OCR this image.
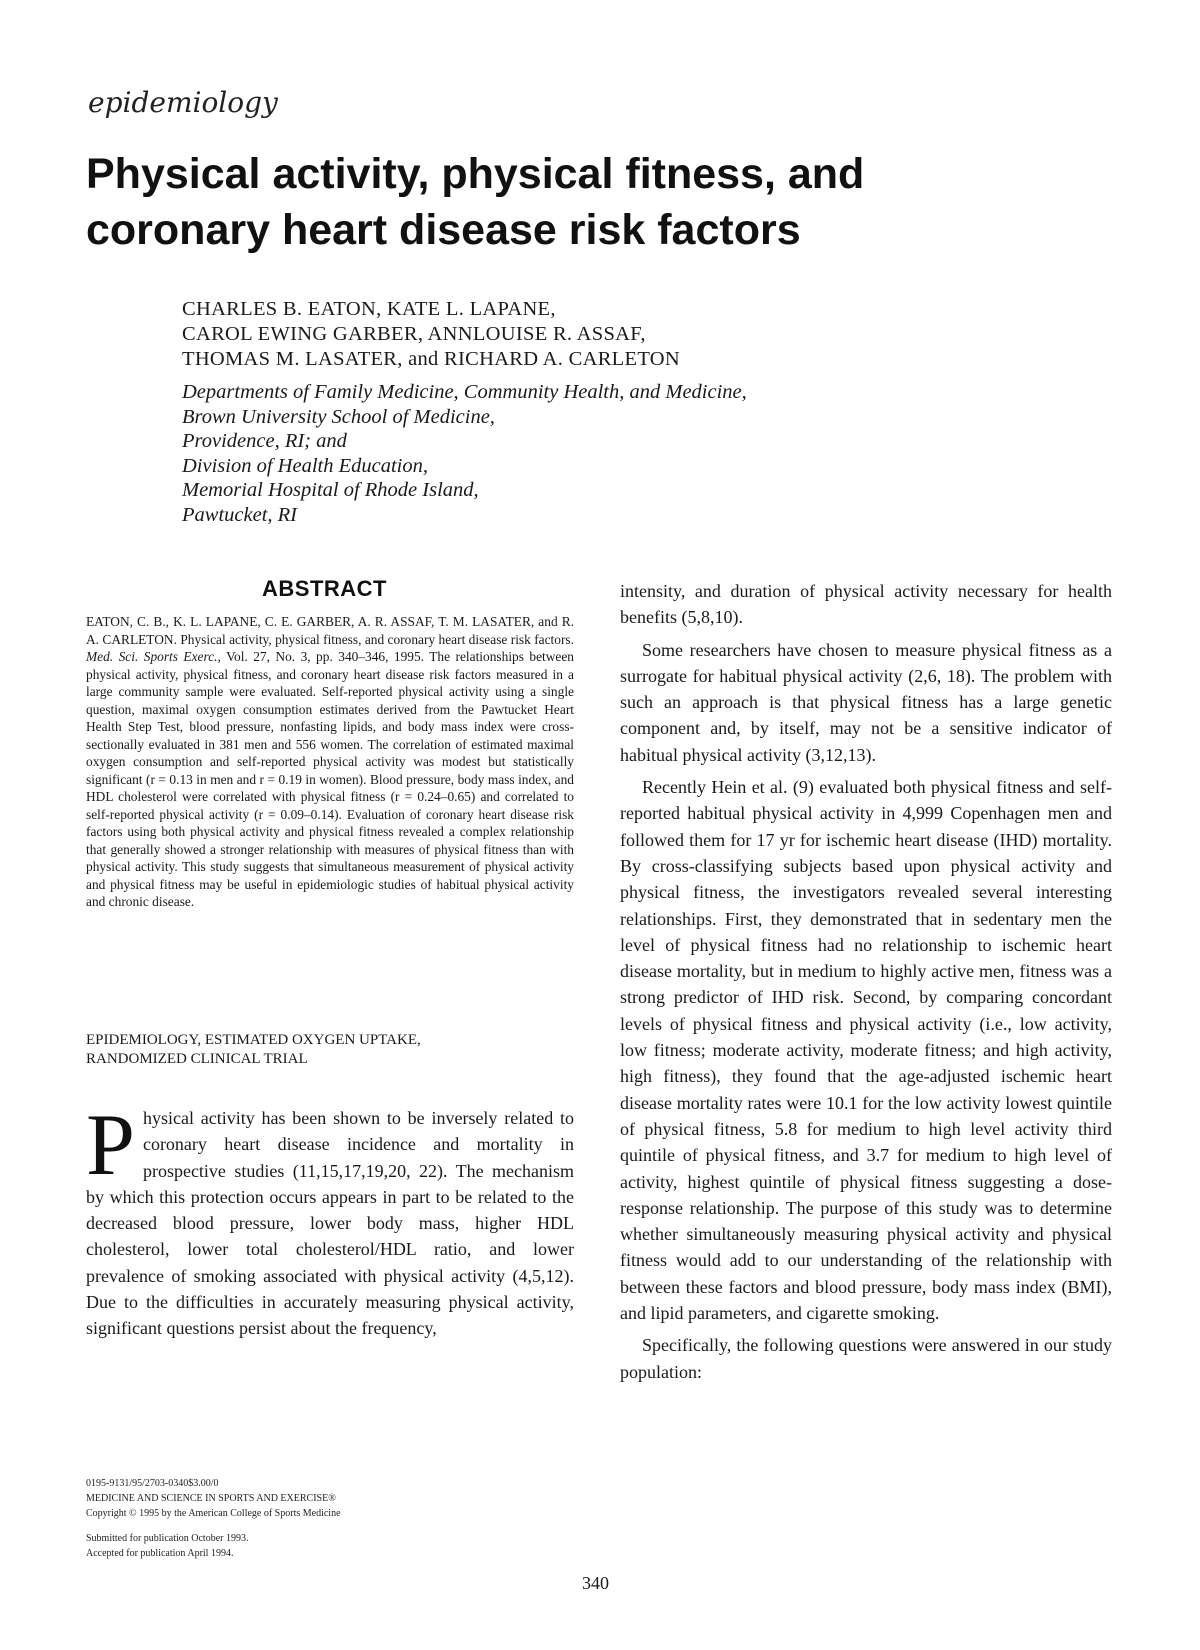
epidemiology
Physical activity, physical fitness, and
coronary heart disease risk factors
CHARLES B. EATON, KATE L. LAPANE,
CAROL EWING GARBER, ANNLOUISE R. ASSAF,
THOMAS M. LASATER, and RICHARD A. CARLETON
Departments of Family Medicine, Community Health, and Medicine,
Brown University School of Medicine,
Providence, RI; and
Division of Health Education,
Memorial Hospital of Rhode Island,
Pawtucket, RI
ABSTRACT
EATON, C. B., K. L. LAPANE, C. E. GARBER, A. R. ASSAF, T. M. LASATER, and R. A. CARLETON. Physical activity, physical fitness, and coronary heart disease risk factors. Med. Sci. Sports Exerc., Vol. 27, No. 3, pp. 340–346, 1995. The relationships between physical activity, physical fitness, and coronary heart disease risk factors measured in a large community sample were evaluated. Self-reported physical activity using a single question, maximal oxygen consumption estimates derived from the Pawtucket Heart Health Step Test, blood pressure, nonfasting lipids, and body mass index were cross-sectionally evaluated in 381 men and 556 women. The correlation of estimated maximal oxygen consumption and self-reported physical activity was modest but statistically significant (r = 0.13 in men and r = 0.19 in women). Blood pressure, body mass index, and HDL cholesterol were correlated with physical fitness (r = 0.24–0.65) and correlated to self-reported physical activity (r = 0.09–0.14). Evaluation of coronary heart disease risk factors using both physical activity and physical fitness revealed a complex relationship that generally showed a stronger relationship with measures of physical fitness than with physical activity. This study suggests that simultaneous measurement of physical activity and physical fitness may be useful in epidemiologic studies of habitual physical activity and chronic disease.
EPIDEMIOLOGY, ESTIMATED OXYGEN UPTAKE,
RANDOMIZED CLINICAL TRIAL
P hysical activity has been shown to be inversely related to coronary heart disease incidence and mortality in prospective studies (11,15,17,19,20, 22). The mechanism by which this protection occurs appears in part to be related to the decreased blood pressure, lower body mass, higher HDL cholesterol, lower total cholesterol/HDL ratio, and lower prevalence of smoking associated with physical activity (4,5,12). Due to the difficulties in accurately measuring physical activity, significant questions persist about the frequency,
0195-9131/95/2703-0340$3.00/0
MEDICINE AND SCIENCE IN SPORTS AND EXERCISE®
Copyright © 1995 by the American College of Sports Medicine
Submitted for publication October 1993.
Accepted for publication April 1994.

intensity, and duration of physical activity necessary for health benefits (5,8,10).

Some researchers have chosen to measure physical fitness as a surrogate for habitual physical activity (2,6, 18). The problem with such an approach is that physical fitness has a large genetic component and, by itself, may not be a sensitive indicator of habitual physical activity (3,12,13).

Recently Hein et al. (9) evaluated both physical fitness and self-reported habitual physical activity in 4,999 Copenhagen men and followed them for 17 yr for ischemic heart disease (IHD) mortality. By cross-classifying subjects based upon physical activity and physical fitness, the investigators revealed several interesting relationships. First, they demonstrated that in sedentary men the level of physical fitness had no relationship to ischemic heart disease mortality, but in medium to highly active men, fitness was a strong predictor of IHD risk. Second, by comparing concordant levels of physical fitness and physical activity (i.e., low activity, low fitness; moderate activity, moderate fitness; and high activity, high fitness), they found that the age-adjusted ischemic heart disease mortality rates were 10.1 for the low activity lowest quintile of physical fitness, 5.8 for medium to high level activity third quintile of physical fitness, and 3.7 for medium to high level of activity, highest quintile of physical fitness suggesting a dose-response relationship. The purpose of this study was to determine whether simultaneously measuring physical activity and physical fitness would add to our understanding of the relationship with between these factors and blood pressure, body mass index (BMI), and lipid parameters, and cigarette smoking.

Specifically, the following questions were answered in our study population:

340
